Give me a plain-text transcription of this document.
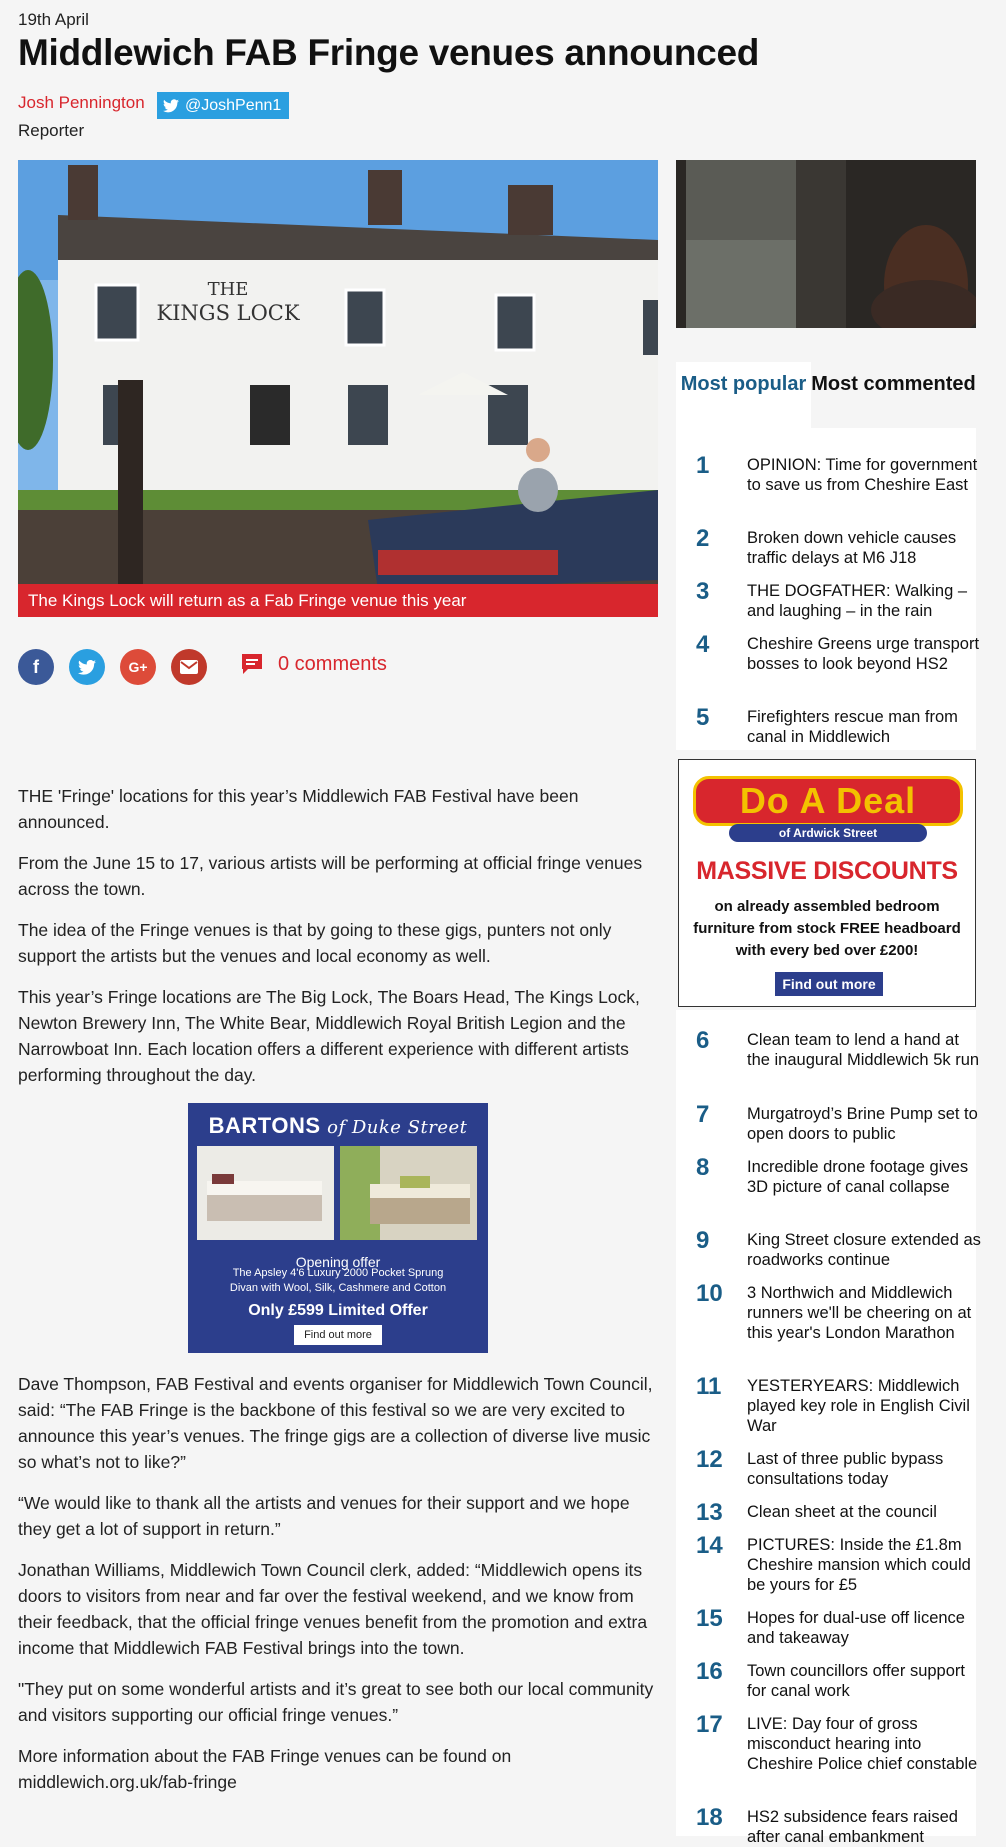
19th April
Middlewich FAB Fringe venues announced
Josh Pennington	@JoshPenn1
Reporter
THE
KINGS LOCK
The Kings Lock will return as a Fab Fringe venue this year
f	G+	0 comments

THE 'Fringe' locations for this year’s Middlewich FAB Festival have been announced.

From the June 15 to 17, various artists will be performing at official fringe venues across the town.

The idea of the Fringe venues is that by going to these gigs, punters not only support the artists but the venues and local economy as well.

This year’s Fringe locations are The Big Lock, The Boars Head, The Kings Lock, Newton Brewery Inn, The White Bear, Middlewich Royal British Legion and the Narrowboat Inn. Each location offers a different experience with different artists performing throughout the day.

BARTONS of Duke Street
Opening offer
The Apsley 4'6 Luxury 2000 Pocket Sprung
Divan with Wool, Silk, Cashmere and Cotton
Only £599 Limited Offer
Find out more

Dave Thompson, FAB Festival and events organiser for Middlewich Town Council, said: “The FAB Fringe is the backbone of this festival so we are very excited to announce this year’s venues. The fringe gigs are a collection of diverse live music so what’s not to like?”

“We would like to thank all the artists and venues for their support and we hope they get a lot of support in return.”

Jonathan Williams, Middlewich Town Council clerk, added: “Middlewich opens its doors to visitors from near and far over the festival weekend, and we know from their feedback, that the official fringe venues benefit from the promotion and extra income that Middlewich FAB Festival brings into the town.

"They put on some wonderful artists and it’s great to see both our local community and visitors supporting our official fringe venues.”

More information about the FAB Fringe venues can be found on middlewich.org.uk/fab-fringe

Most popular Most commented
1	OPINION: Time for government to save us from Cheshire East
2	Broken down vehicle causes traffic delays at M6 J18
3	THE DOGFATHER: Walking – and laughing – in the rain
4	Cheshire Greens urge transport bosses to look beyond HS2
5	Firefighters rescue man from canal in Middlewich
Do A Deal
of Ardwick Street
MASSIVE DISCOUNTS
on already assembled bedroom furniture from stock FREE headboard with every bed over £200!
Find out more
6	Clean team to lend a hand at the inaugural Middlewich 5k run
7	Murgatroyd’s Brine Pump set to open doors to public
8	Incredible drone footage gives 3D picture of canal collapse
9	King Street closure extended as roadworks continue
10 3 Northwich and Middlewich runners we'll be cheering on at this year's London Marathon
11 YESTERYEARS: Middlewich played key role in English Civil War
12 Last of three public bypass consultations today
13 Clean sheet at the council
14 PICTURES: Inside the £1.8m Cheshire mansion which could be yours for £5
15 Hopes for dual-use off licence and takeaway
16 Town councillors offer support for canal work
17 LIVE: Day four of gross misconduct hearing into Cheshire Police chief constable
18 HS2 subsidence fears raised after canal embankment
